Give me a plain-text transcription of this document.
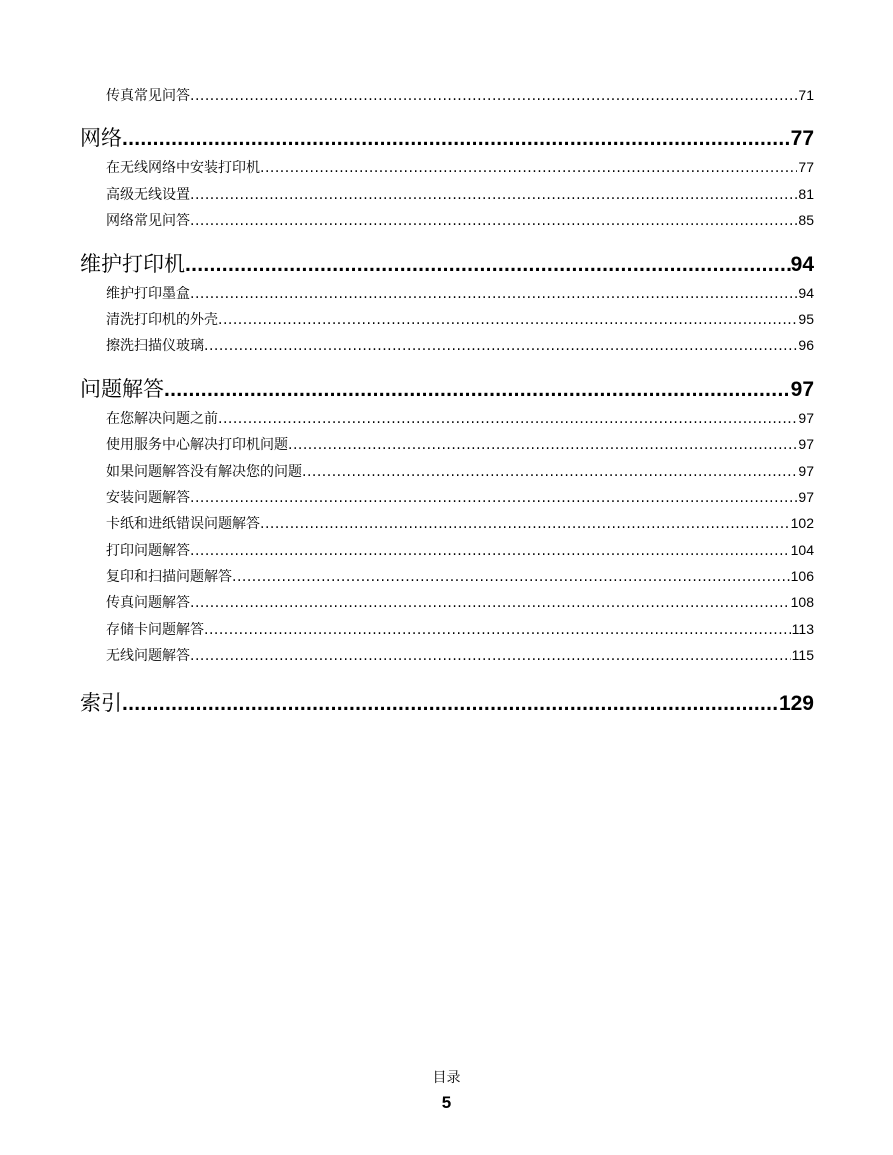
传真常见问答 .....	71
网络 .....	77
在无线网络中安装打印机 .....	77
高级无线设置 .....	81
网络常见问答 .....	85
维护打印机 .....	94
维护打印墨盒 .....	94
清洗打印机的外壳 .....	95
擦洗扫描仪玻璃 .....	96
问题解答 .....	97
在您解决问题之前 .....	97
使用服务中心解决打印机问题 .....	97
如果问题解答没有解决您的问题 .....	97
安装问题解答 .....	97
卡纸和进纸错误问题解答 .....	102
打印问题解答 .....	104
复印和扫描问题解答 .....	106
传真问题解答 .....	108
存储卡问题解答 .....	113
无线问题解答 .....	115
索引 .....	129
目录
5
